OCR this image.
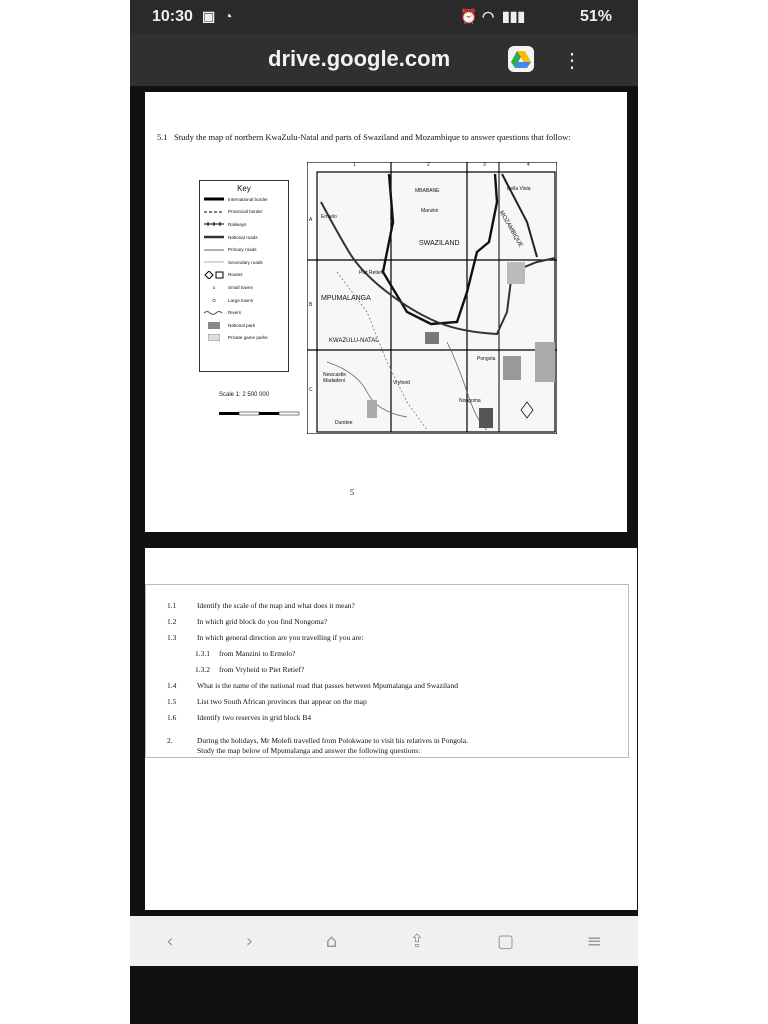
10:30 ▣ ◔	⏰ ◠ ▮▮▮	51%
drive.google.com	⋮
5.1 Study the map of northern KwaZulu-Natal and parts of Swaziland and Mozambique to answer questions that follow:
Key
International border
Provincial border
Railways
National roads
Primary roads
Secondary roads
Routes
o	Small towns
O	Large towns
Rivers
National park
Private game parks
Scale 1: 2 500 000
1	2	3	4
A
B
C
MBABANE
Manzini
SWAZILAND	MOZAMBIQUE
Bella Vista
MPUMALANGA
KWAZULU-NATAL
Piet Retief
Newcastle
Madadeni	Vryheid
Nongoma
Pongola
Dundee
Ermelo
5
1.1	Identify the scale of the map and what does it mean?
1.2	In which grid block do you find Nongoma?
1.3	In which general direction are you travelling if you are:
1.3.1	from Manzini to Ermelo?
1.3.2	from Vryheid to Piet Retief?
1.4	What is the name of the national road that passes between Mpumalanga and Swaziland
1.5	List two South African provinces that appear on the map
1.6	Identify two reserves in grid block B4
2.	During the holidays, Mr Molefi travelled from Polokwane to visit his relatives in Pongola.
Study the map below of Mpumalanga and answer the following questions:
‹	›	⌂	⇪	▢	≡
